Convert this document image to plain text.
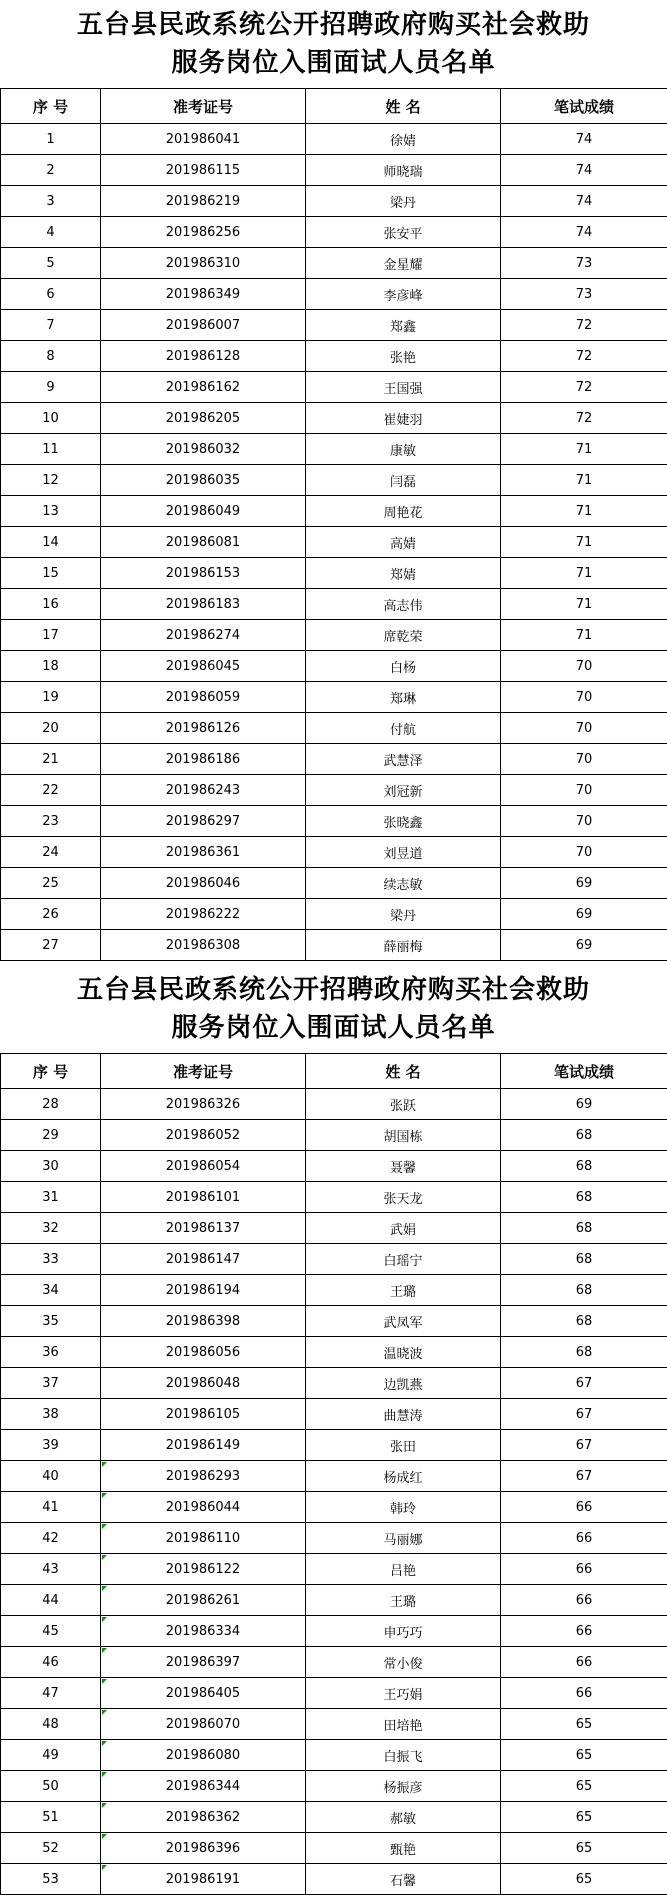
五台县民政系统公开招聘政府购买社会救助
服务岗位入围面试人员名单
序 号	准考证号	姓 名	笔试成绩
1	201986041	徐婧	74
2	201986115	师晓瑞	74
3	201986219	梁丹	74
4	201986256	张安平	74
5	201986310	金星耀	73
6	201986349	李彦峰	73
7	201986007	郑鑫	72
8	201986128	张艳	72
9	201986162	王国强	72
10	201986205	崔婕羽	72
11	201986032	康敏	71
12	201986035	闫磊	71
13	201986049	周艳花	71
14	201986081	高婧	71
15	201986153	郑婧	71
16	201986183	高志伟	71
17	201986274	席乾荣	71
18	201986045	白杨	70
19	201986059	郑琳	70
20	201986126	付航	70
21	201986186	武慧泽	70
22	201986243	刘冠新	70
23	201986297	张晓鑫	70
24	201986361	刘昱道	70
25	201986046	续志敏	69
26	201986222	梁丹	69
27	201986308	薛丽梅	69
五台县民政系统公开招聘政府购买社会救助
服务岗位入围面试人员名单
序 号	准考证号	姓 名	笔试成绩
28	201986326	张跃	69
29	201986052	胡国栋	68
30	201986054	聂馨	68
31	201986101	张天龙	68
32	201986137	武娟	68
33	201986147	白瑶宁	68
34	201986194	王璐	68
35	201986398	武凤军	68
36	201986056	温晓波	68
37	201986048	边凯燕	67
38	201986105	曲慧涛	67
39	201986149	张田	67
40	201986293	杨成红	67
41	201986044	韩玲	66
42	201986110	马丽娜	66
43	201986122	吕艳	66
44	201986261	王璐	66
45	201986334	申巧巧	66
46	201986397	常小俊	66
47	201986405	王巧娟	66
48	201986070	田培艳	65
49	201986080	白振飞	65
50	201986344	杨振彦	65
51	201986362	郝敏	65
52	201986396	甄艳	65
53	201986191	石馨	65
